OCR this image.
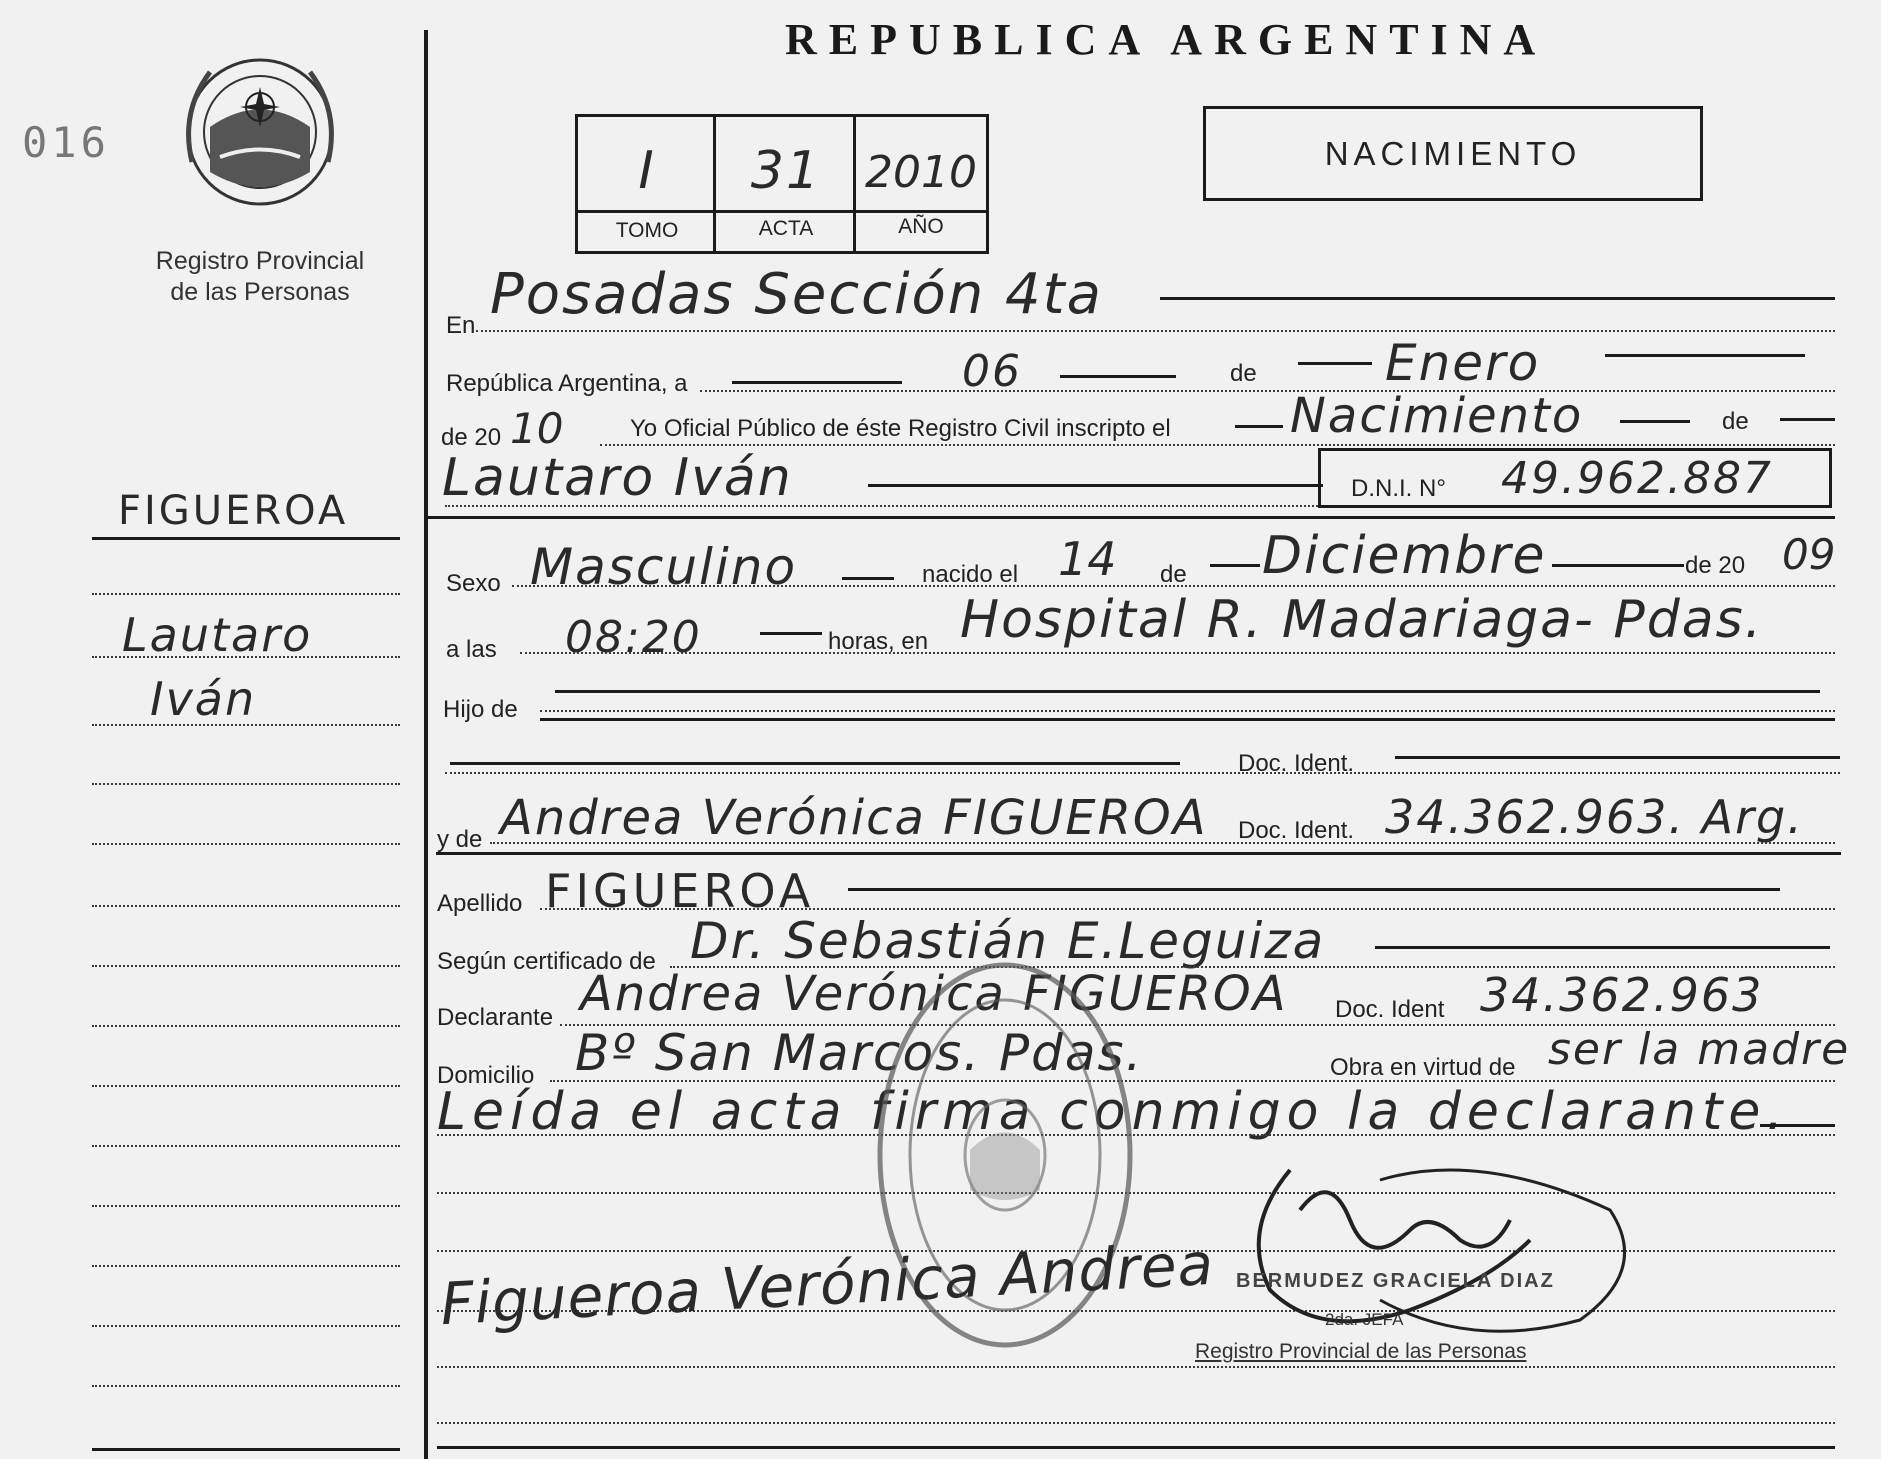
016
Registro Provincial
de las Personas
REPUBLICA ARGENTINA
I	31 2010
TOMO	ACTA	AÑO
NACIMIENTO
FIGUEROA
Lautaro
Iván
En Posadas Sección 4ta
República Argentina, a	06	de	Enero
de 20 10	Yo Oficial Público de éste Registro Civil inscripto el Nacimiento	de
Lautaro Iván	D.N.I. N° 49.962.887
Sexo Masculino	nacido el 14 de Diciembre	de 20 09
a las 08:20	horas, en Hospital R. Madariaga- Pdas.
Hijo de
Doc. Ident.
y de Andrea Verónica FIGUEROA Doc. Ident. 34.362.963. Arg.
Apellido FIGUEROA
Según certificado de Dr. Sebastián E.Leguiza
Declarante Andrea Verónica FIGUEROA Doc. Ident 34.362.963
Domicilio Bº San Marcos. Pdas.	Obra en virtud de ser la madre
Leída el acta firma conmigo la declarante.
Figueroa Verónica Andrea BERMUDEZ GRACIELA DIAZ
2da. JEFA
Registro Provincial de las Personas
